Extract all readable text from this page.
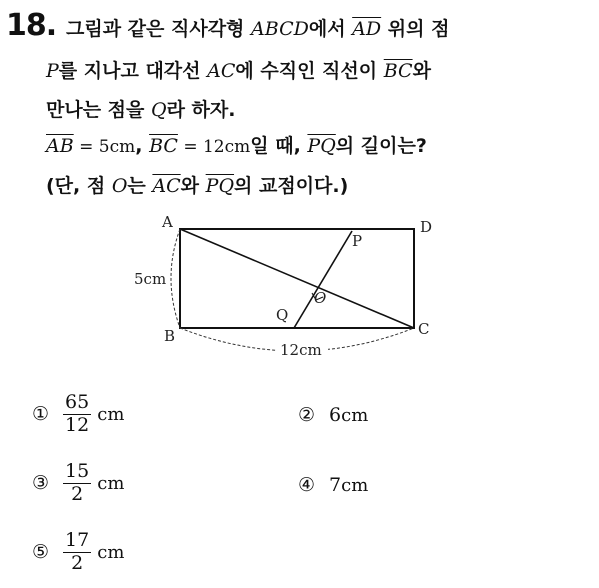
18. 그림과 같은 직사각형 ABCD에서 $\overline{AD}$ 위의 점
P를 지나고 대각선 AC에 수직인 직선이 $\overline{BC}$와
만나는 점을 Q라 하자.
$\overline{AB} = 5cm$, $\overline{BC} = 12cm$일 때, $\overline{PQ}$의 길이는?
(단, 점 O는 $\overline{AC}$와 $\overline{PQ}$의 교점이다.)
A	D
B	C
P
Q
O
5cm
12cm
① $\frac{65}{12}$ cm	② 6 cm
③ $\frac{15}{2}$ cm	④ 7 cm
⑤ $\frac{17}{2}$ cm
